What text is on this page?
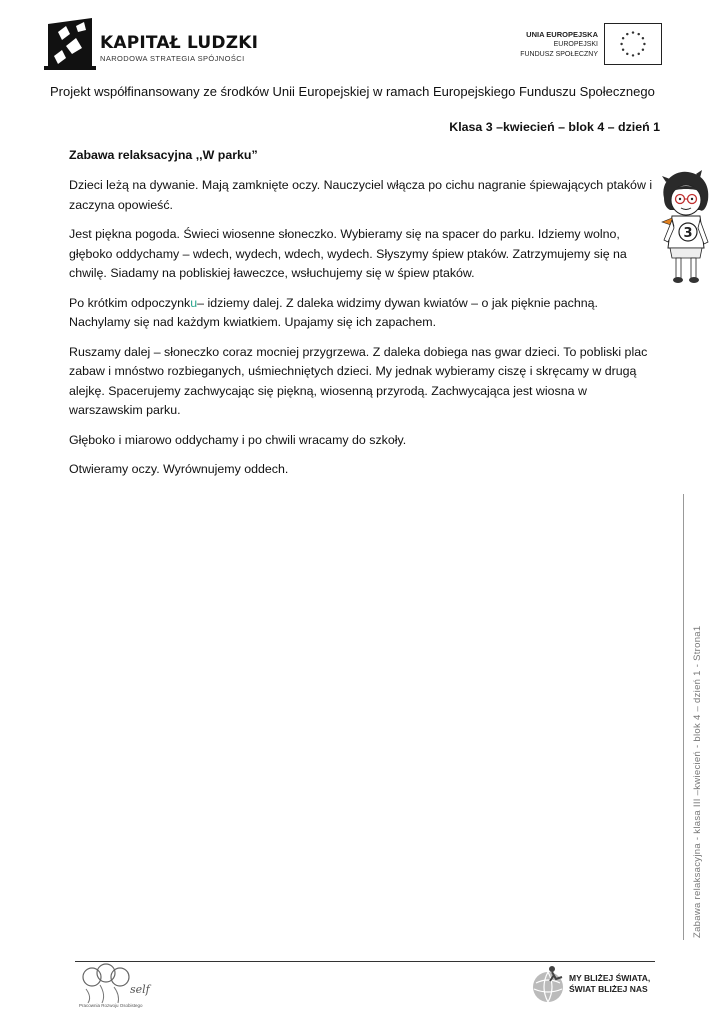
KAPITAŁ LUDZKI
NARODOWA STRATEGIA SPÓJNOŚCI
UNIA EUROPEJSKA
EUROPEJSKI
FUNDUSZ SPOŁECZNY
Projekt współfinansowany ze środków Unii Europejskiej w ramach Europejskiego Funduszu Społecznego
Klasa 3 –kwiecień – blok 4 – dzień 1
Zabawa relaksacyjna ,,W parku”

Dzieci leżą na dywanie. Mają zamknięte oczy. Nauczyciel włącza po cichu nagranie śpiewających ptaków i zaczyna opowieść.

Jest piękna pogoda. Świeci wiosenne słoneczko. Wybieramy się na spacer do parku. Idziemy wolno, głęboko oddychamy – wdech, wydech, wdech, wydech. Słyszymy śpiew ptaków. Zatrzymujemy się na chwilę. Siadamy na pobliskiej ławeczce, wsłuchujemy się w śpiew ptaków.

Po krótkim odpoczynku– idziemy dalej. Z daleka widzimy dywan kwiatów – o jak pięknie pachną. Nachylamy się nad każdym kwiatkiem. Upajamy się ich zapachem.

Ruszamy dalej – słoneczko coraz mocniej przygrzewa. Z daleka dobiega nas gwar dzieci. To pobliski plac zabaw i mnóstwo rozbieganych, uśmiechniętych dzieci. My jednak wybieramy ciszę i skręcamy w drugą alejkę. Spacerujemy zachwycając się piękną, wiosenną przyrodą. Zachwycająca jest wiosna w warszawskim parku.

Głęboko i miarowo oddychamy i po chwili wracamy do szkoły.

Otwieramy oczy. Wyrównujemy oddech.

3
Zabawa relaksacyjna - klasa III –kwiecień - blok 4 – dzień 1 - Strona1
self
Pracownia Rozwoju Osobistego
MY BLIŻEJ ŚWIATA,
ŚWIAT BLIŻEJ NAS
